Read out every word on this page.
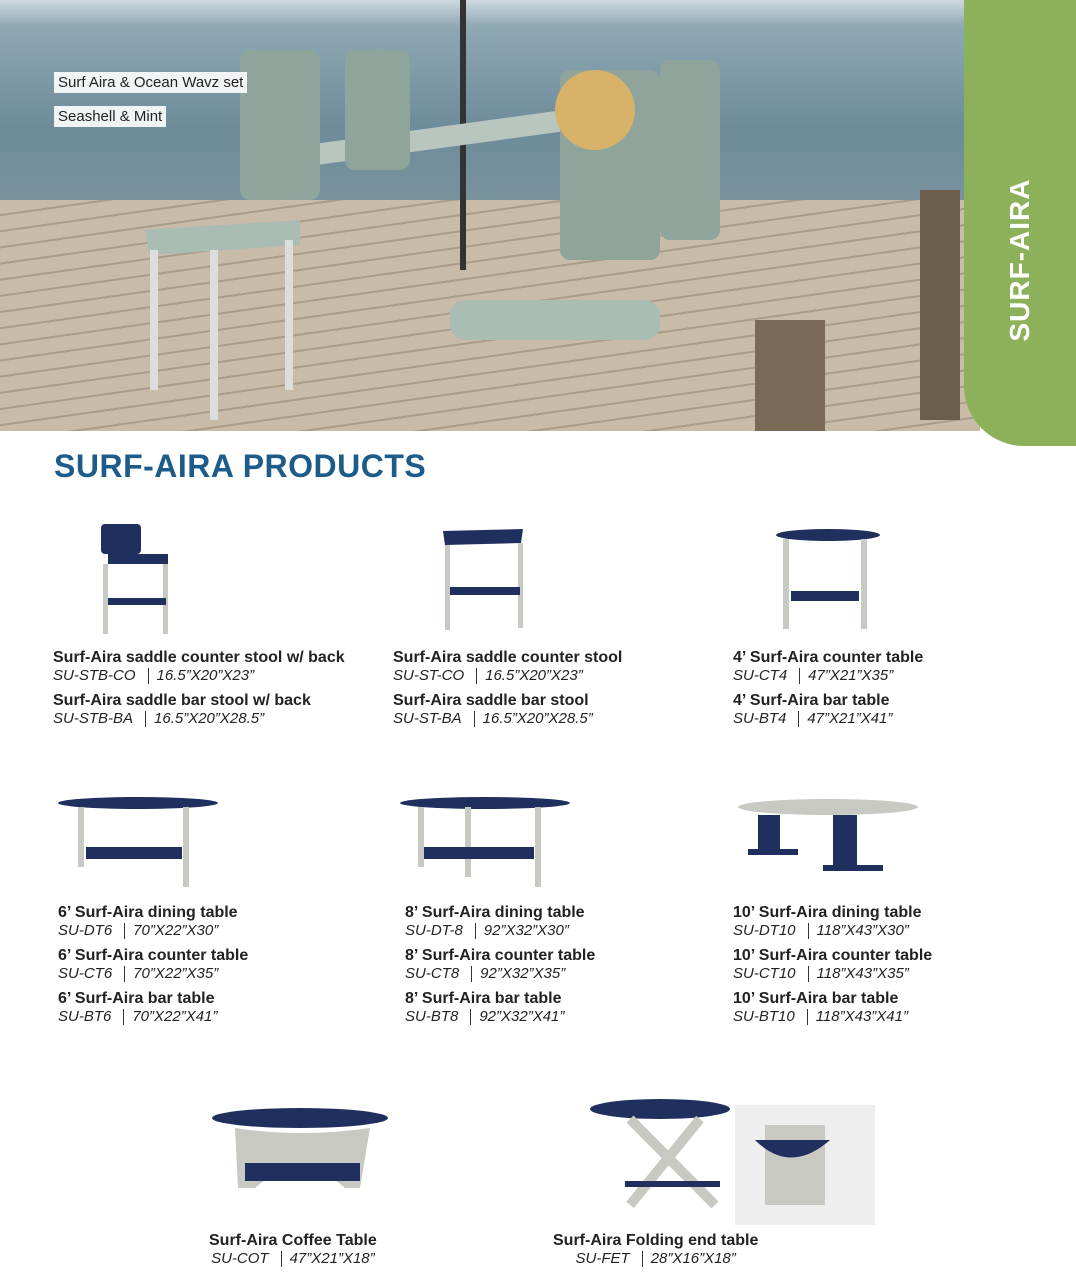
Surf Aira & Ocean Wavz set
Seashell & Mint
SURF-AIRA
SURF-AIRA PRODUCTS
Surf-Aira saddle counter stool w/ back
SU-STB-CO 16.5”X20”X23”
Surf-Aira saddle bar stool w/ back
SU-STB-BA 16.5”X20”X28.5”
Surf-Aira saddle counter stool
SU-ST-CO 16.5”X20”X23”
Surf-Aira saddle bar stool
SU-ST-BA 16.5”X20”X28.5”
4’ Surf-Aira counter table
SU-CT4 47”X21”X35”
4’ Surf-Aira bar table
SU-BT4 47”X21”X41”
6’ Surf-Aira dining table
SU-DT6 70”X22”X30”
6’ Surf-Aira counter table
SU-CT6 70”X22”X35”
6’ Surf-Aira bar table
SU-BT6 70”X22”X41”
8’ Surf-Aira dining table
SU-DT-8 92”X32”X30”
8’ Surf-Aira counter table
SU-CT8 92”X32”X35”
8’ Surf-Aira bar table
SU-BT8 92”X32”X41”
10’ Surf-Aira dining table
SU-DT10 118”X43”X30”
10’ Surf-Aira counter table
SU-CT10 118”X43”X35”
10’ Surf-Aira bar table
SU-BT10 118”X43”X41”
Surf-Aira Coffee Table
SU-COT 47”X21”X18”
Surf-Aira Folding end table
SU-FET 28”X16”X18”
